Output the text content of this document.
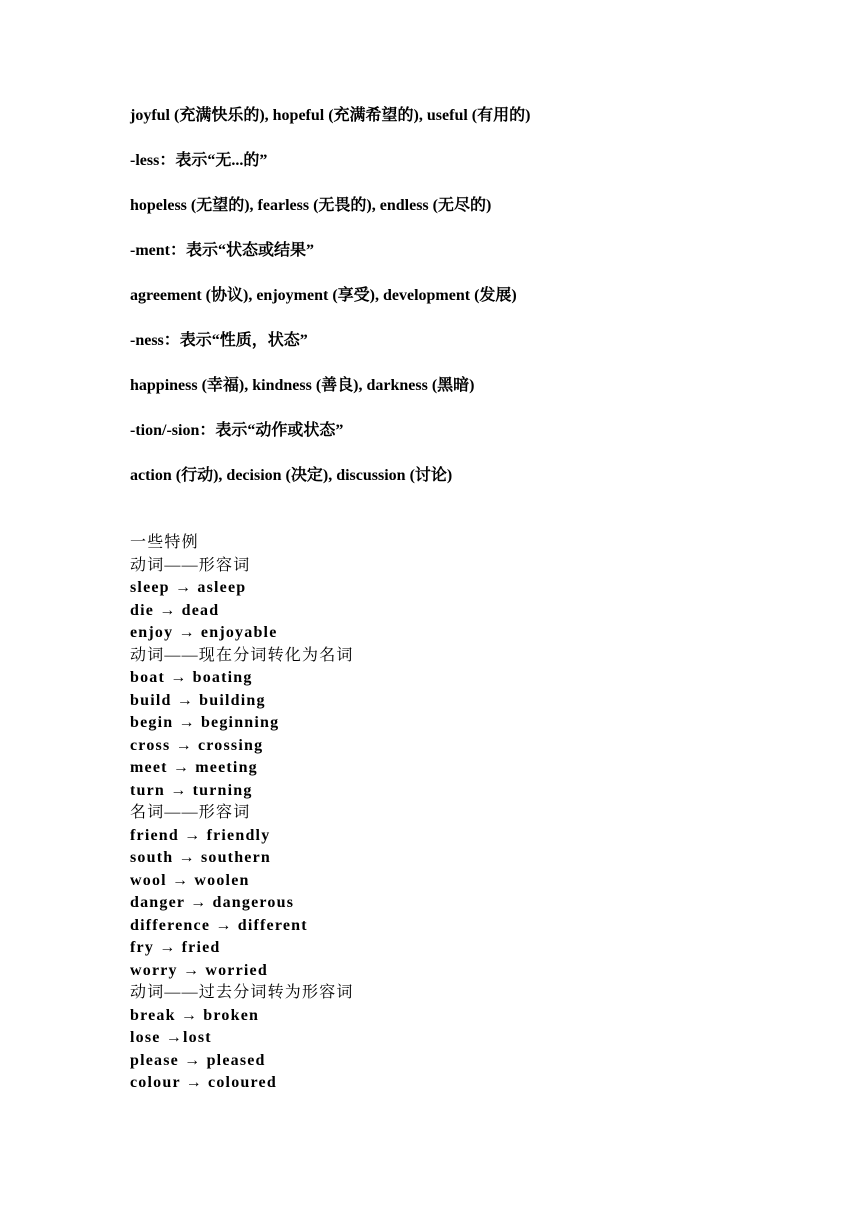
joyful (充满快乐的), hopeful (充满希望的), useful (有用的)

-less：表示“无...的”

hopeless (无望的), fearless (无畏的), endless (无尽的)

-ment：表示“状态或结果”

agreement (协议), enjoyment (享受), development (发展)

-ness：表示“性质，状态”

happiness (幸福), kindness (善良), darkness (黑暗)

-tion/-sion：表示“动作或状态”

action (行动), decision (决定), discussion (讨论)

一些特例
动词——形容词
sleep → asleep
die → dead
enjoy → enjoyable
动词——现在分词转化为名词
boat → boating
build → building
begin → beginning
cross → crossing
meet → meeting
turn → turning
名词——形容词
friend → friendly
south → southern
wool → woolen
danger → dangerous
difference → different
fry → fried
worry → worried
动词——过去分词转为形容词
break → broken
lose →lost
please → pleased
colour → coloured
